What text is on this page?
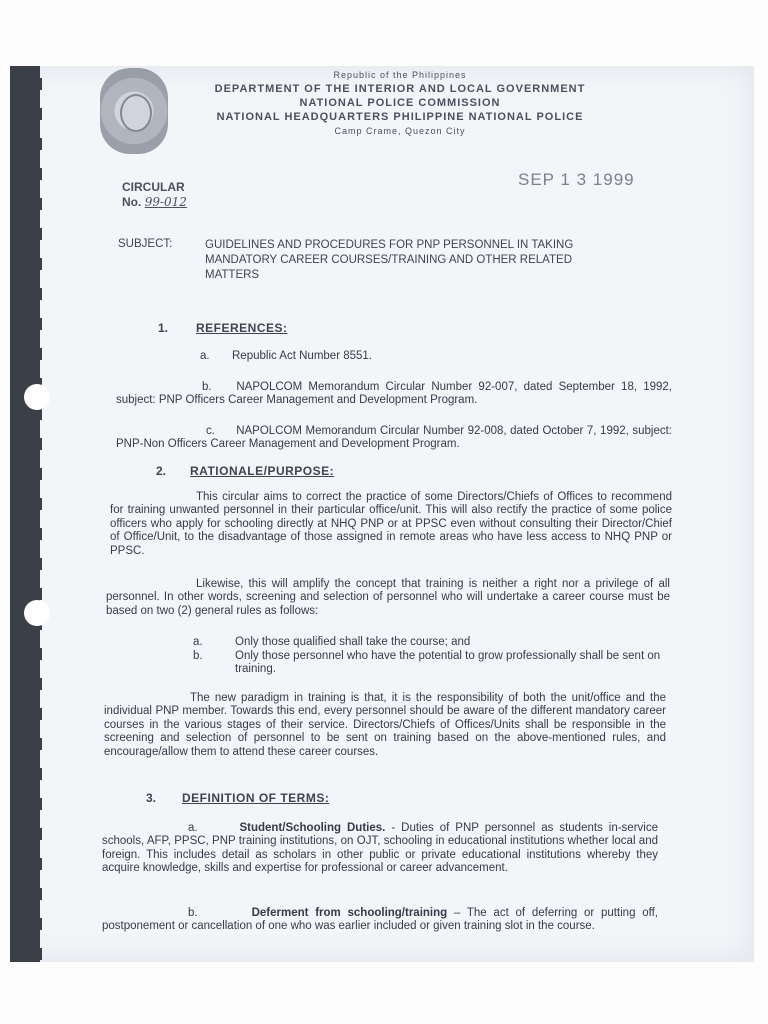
Republic of the Philippines
DEPARTMENT OF THE INTERIOR AND LOCAL GOVERNMENT
NATIONAL POLICE COMMISSION
NATIONAL HEADQUARTERS PHILIPPINE NATIONAL POLICE
Camp Crame, Quezon City
CIRCULAR
No. 99-012
SEP 1 3 1999
SUBJECT:	GUIDELINES AND PROCEDURES FOR PNP PERSONNEL IN TAKING MANDATORY CAREER COURSES/TRAINING AND OTHER RELATED MATTERS
1. REFERENCES:
a. Republic Act Number 8551.
b. NAPOLCOM Memorandum Circular Number 92-007, dated September 18, 1992, subject: PNP Officers Career Management and Development Program.
c. NAPOLCOM Memorandum Circular Number 92-008, dated October 7, 1992, subject: PNP-Non Officers Career Management and Development Program.
2. RATIONALE/PURPOSE:
This circular aims to correct the practice of some Directors/Chiefs of Offices to recommend for training unwanted personnel in their particular office/unit. This will also rectify the practice of some police officers who apply for schooling directly at NHQ PNP or at PPSC even without consulting their Director/Chief of Office/Unit, to the disadvantage of those assigned in remote areas who have less access to NHQ PNP or PPSC.
Likewise, this will amplify the concept that training is neither a right nor a privilege of all personnel. In other words, screening and selection of personnel who will undertake a career course must be based on two (2) general rules as follows:
a.	Only those qualified shall take the course; and
b.	Only those personnel who have the potential to grow professionally shall be sent on training.
The new paradigm in training is that, it is the responsibility of both the unit/office and the individual PNP member. Towards this end, every personnel should be aware of the different mandatory career courses in the various stages of their service. Directors/Chiefs of Offices/Units shall be responsible in the screening and selection of personnel to be sent on training based on the above-mentioned rules, and encourage/allow them to attend these career courses.
3. DEFINITION OF TERMS:
a.	Student/Schooling Duties. - Duties of PNP personnel as students in-service schools, AFP, PPSC, PNP training institutions, on OJT, schooling in educational institutions whether local and foreign. This includes detail as scholars in other public or private educational institutions whereby they acquire knowledge, skills and expertise for professional or career advancement.
b.	Deferment from schooling/training – The act of deferring or putting off, postponement or cancellation of one who was earlier included or given training slot in the course.
